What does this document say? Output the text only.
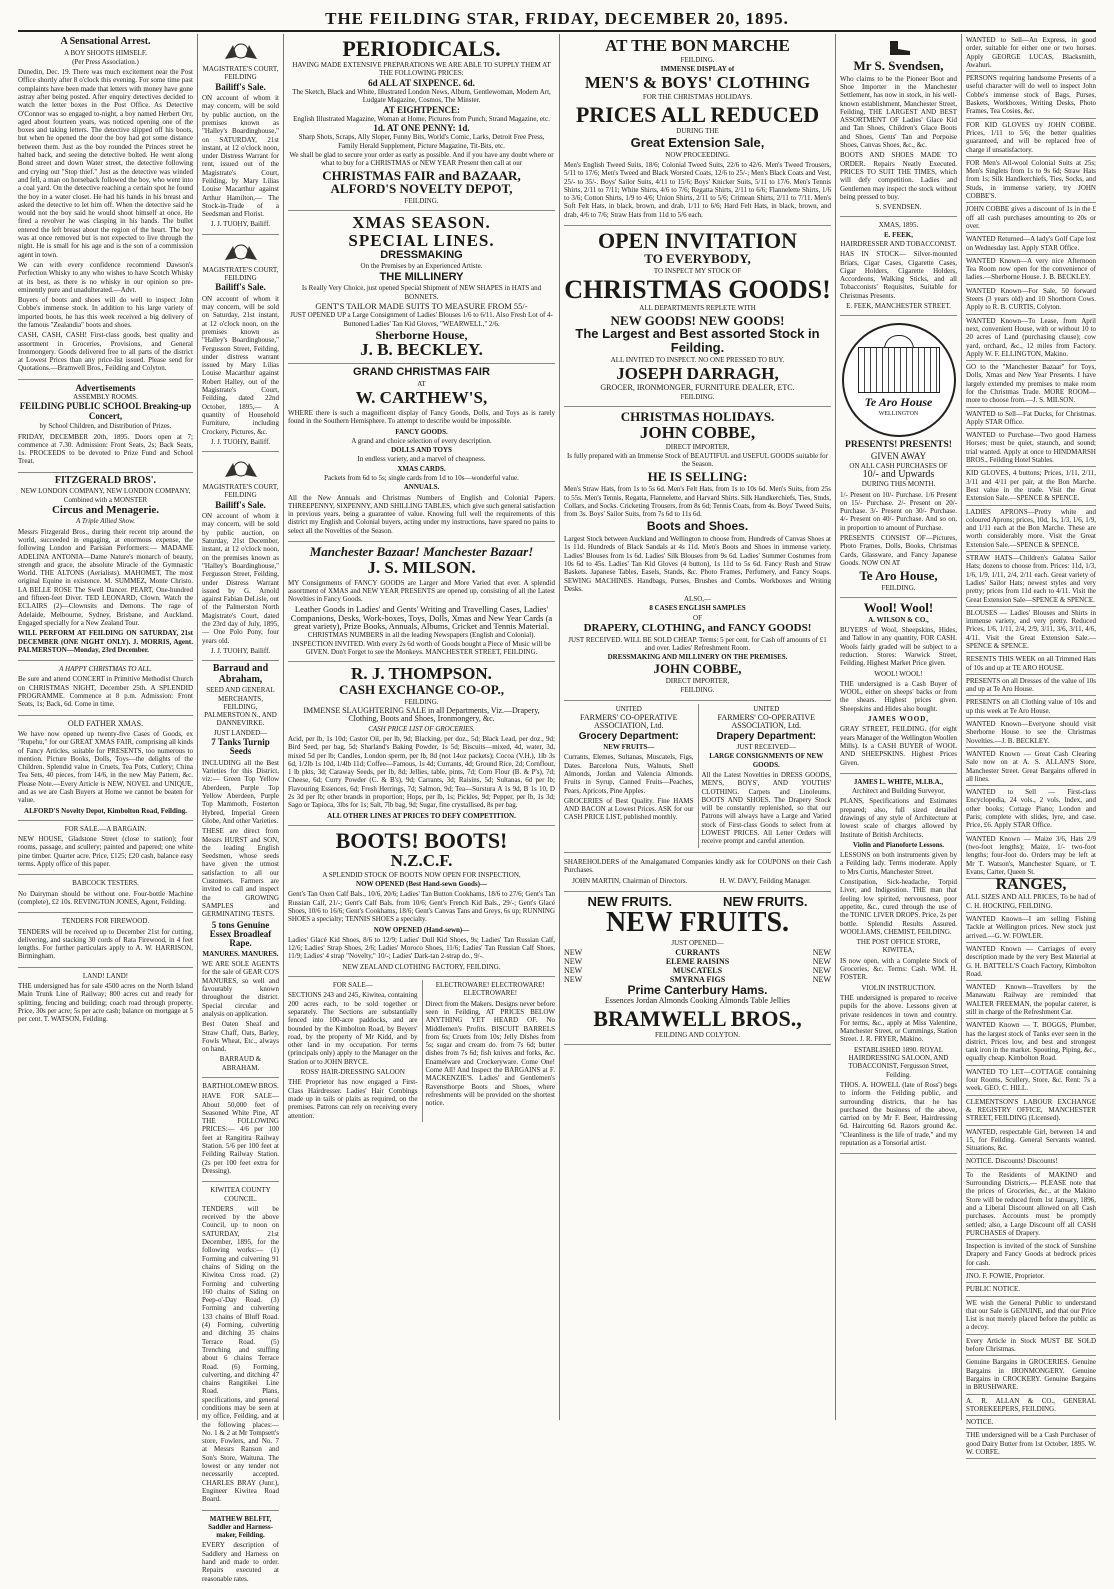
THE FEILDING STAR, FRIDAY, DECEMBER 20, 1895.
A Sensational Arrest.
A BOY SHOOTS HIMSELF.
(Per Press Association.)

Dunedin, Dec. 19. There was much excitement near the Post Office shortly after 8 o'clock this evening. For some time past complaints have been made that letters with money have gone astray after being posted. After enquiry detectives decided to watch the letter boxes in the Post Office. As Detective O'Connor was so engaged to-night, a boy named Herbert Orr, aged about fourteen years, was noticed opening one of the boxes and taking letters. The detective slipped off his boots, but when he opened the door the boy had got some distance between them. Just as the boy rounded the Princes street he halted back, and seeing the detective bolted. He went along Bond street and down Water street, the detective following and crying out "Stop thief." Just as the detective was winded and fell, a man on horseback followed the boy, who went into a coal yard. On the detective reaching a certain spot he found the boy in a water closet. He had his hands in his breast and asked the detective to let him off. When the detective said he would not the boy said he would shoot himself at once. He fired a revolver he was clasping in his hands. The bullet entered the left breast about the region of the heart. The boy was at once removed but is not expected to live through the night. He is small for his age and is the son of a commission agent in town.

We can with every confidence recommend Dawson's Perfection Whisky to any who wishes to have Scotch Whisky at its best, as there is no whisky in our opinion so pre-eminently pure and unadulterated.—Advt.

Buyers of boots and shoes will do well to inspect John Cobbe's immense stock. In addition to his large variety of imported boots, he has this week received a big delivery of the famous "Zealandia" boots and shoes.

CASH, CASH, CASH! First-class goods, best quality and assortment in Groceries, Provisions, and General Ironmongery. Goods delivered free to all parts of the district at Lowest Prices than any price-list issued. Please send for Quotations.—Bramwell Bros., Feilding and Colyton.

Advertisements
ASSEMBLY ROOMS.
FEILDING PUBLIC SCHOOL Breaking-up Concert,
by School Children, and Distribution of Prizes.

FRIDAY, DECEMBER 20th, 1895. Doors open at 7; commence at 7.30. Admission: Front Seats, 2s; Back Seats, 1s. PROCEEDS to be devoted to Prize Fund and School Treat.

FITZGERALD BROS'.
NEW LONDON COMPANY, NEW LONDON COMPANY, Combined with a MONSTER
Circus and Menagerie.
A Triple Allied Show.

Messrs Fitzgerald Bros., during their recent trip around the world, succeeded in engaging, at enormous expense, the following London and Parisian Performers:— MADAME ADELINA ANTONIA—Dame Nature's monarch of beauty, strength and grace, the absolute Miracle of the Gymnastic World. THE ALTONS (Aerialists). MAHOMET, The most original Equine in existence. M. SUMMEZ, Monte Christo. LA BELLE ROSE The Swell Dancer. PEART, One-hundred and fifteen-feet Diver. TED LEONARD, Clown. Watch the ECLAIRS (2)—Clownsits and Demons. The rage of Adelaide, Melbourne, Sydney, Brisbane, and Auckland. Engaged specially for a New Zealand Tour.

WILL PERFORM AT FEILDING ON SATURDAY, 21st DECEMBER (ONE NIGHT ONLY). J. MORRIS, Agent. PALMERSTON—Monday, 23rd December.

A HAPPY CHRISTMAS TO ALL.

Be sure and attend CONCERT in Primitive Methodist Church on CHRISTMAS NIGHT, December 25th. A SPLENDID PROGRAMME. Commence at 8 p.m. Admission: Front Seats, 1s; Back, 6d. Come in time.

OLD FATHER XMAS.

We have now opened up twenty-five Cases of Goods, ex "Rupehu," for our GREAT XMAS FAIR, comprising all kinds of Fancy Articles, suitable for PRESENTS, too numerous to mention. Picture Books, Dolls, Toys—the delights of the Children. Splendid value in Cruets, Tea Pots, Cutlery; China Tea Sets, 40 pieces, from 14/6, in the new May Pattern, &c. Please Note.—Every Article is NEW, NOVEL and UNIQUE, and as we are Cash Buyers at Home we cannot be beaten for value.

ALFORD'S Novelty Depot, Kimbolton Road, Feilding.
FOR SALE.—A BARGAIN.

NEW HOUSE, Gladstone Street (close to station); four rooms, passage, and scullery; painted and papered; one white pine timber. Quarter acre. Price, £125; £20 cash, balance easy terms. Apply office of this paper.

BABCOCK TESTERS.

No Dairyman should be without one. Four-bottle Machine (complete), £2 10s. REVINGTON JONES, Agent, Feilding.

TENDERS FOR FIREWOOD.

TENDERS will be received up to December 21st for cutting, delivering, and stacking 30 cords of Rata Firewood, in 4 feet lengths. For further particulars apply to A. W. HARRISON, Birmingham.

LAND! LAND!

THE undersigned has for sale 4500 acres on the North Island Main Trunk Line of Railway; 800 acres cut and ready for splitting, fencing and building; coach road through property. Price, 30s per acre; 5s per acre cash; balance on mortgage at 5 per cent. T. WATSON, Feilding.

MAGISTRATE'S COURT, FEILDING
Bailiff's Sale.

ON account of whom it may concern, will be sold by public auction, on the premises known as "Halley's Boardinghouse," on SATURDAY, 21st instant, at 12 o'clock noon, under Distress Warrant for rent, issued out of the Magistrate's Court, Feilding, by Mary Lilias Louise Macarthur against Arthur Hamilton,— The Stock-in-Trade of a Seedsman and Florist.

J. J. TUOHY, Bailiff.
MAGISTRATE'S COURT, FEILDING
Bailiff's Sale.

ON account of whom it may concern, will be sold on Saturday, 21st instant, at 12 o'clock noon, on the premises known as "Halley's Boardinghouse," Fergusson Street, Feilding, under distress warrant issued by Mary Lilias Louise Macarthur against Robert Halley, out of the Magistrate's Court, Feilding, dated 22nd October, 1895,— A quantity of Household Furniture, including Crockery, Pictures, &c.

J. J. TUOHY, Bailiff.
MAGISTRATE'S COURT, FEILDING
Bailiff's Sale.

ON account of whom it may concern, will be sold by public auction, on Saturday, 21st December, instant, at 12 o'clock noon, on the premises known as "Halley's Boardinghouse," Fergusson Street, Feilding, under Distress Warrant issued by G. Arnold against Fabian DeLisle, out of the Palmerston North Magistrate's Court, dated the 23rd day of July, 1895,— One Polo Pony, four years old.

J. J. TUOHY, Bailiff.
Barraud and Abraham,
SEED AND GENERAL MERCHANTS, FEILDING, PALMERSTON N., AND DANNEVIRKE.
JUST LANDED—
7 Tanks Turnip Seeds

INCLUDING all the Best Varieties for this District, viz:— Green Top Yellow Aberdeen, Purple Top Yellow Aberdeen, Purple Top Mammoth, Fosterton Hybred, Imperial Green Globe, And other Varieties.

THESE are direct from Messrs HURST and SON, the leading English Seedsmen, whose seeds have given the utmost satisfaction to all our Customers. Farmers are invited to call and inspect the GROWING SAMPLES and GERMINATING TESTS.

5 tons Genuine Essex Broadleaf Rape.
MANURES. MANURES.

WE ARE SOLE AGENTS for the sale of GEAR CO'S MANURES, so well and favourably known throughout the district. Special circular and analysis on application.

Best Oaten Sheaf and Straw Chaff, Oats, Barley, Fowls Wheat, Etc., always on hand.

BARRAUD & ABRAHAM.
BARTHOLOMEW BROS.

HAVE FOR SALE— About 50,000 feet of Seasoned White Pine, AT THE FOLLOWING PRICES:— 4/6 per 100 feet at Rangitira Railway Station. 5/6 per 100 feet at Feilding Railway Station. (2s per 100 feet extra for Dressing).

KIWITEA COUNTY COUNCIL.

TENDERS will be received by the above Council, up to noon on SATURDAY, 21st December, 1895, for the following works:— (1) Forming and culverting 91 chains of Siding on the Kiwitea Cross road. (2) Forming and culverting 160 chains of Siding on Peep-o'-Day Road. (3) Forming and culverting 133 chains of Bluff Road. (4) Forming, culverting and ditching 35 chains Terrace Road. (5) Trenching and stuffing about 6 chains Terrace Road. (6) Forming, culverting, and ditching 47 chains Rangitikei Line Road. Plans, specifications, and general conditions may be seen at my office, Feilding, and at the following places:— No. 1 & 2 at Mr Tompsett's store, Fowlers, and No. 7 at Messrs Ranson and Son's Store, Waituna. The lowest or any tender not necessarily accepted. CHARLES BRAY (Junr.), Engineer Kiwitea Road Board.

MATHEW BELFIT, Saddler and Harness-maker, Feilding.

EVERY description of Saddlery and Harness on hand and made to order. Repairs executed at reasonable rates.

PERIODICALS.
HAVING MADE EXTENSIVE PREPARATIONS WE ARE ABLE TO SUPPLY THEM AT THE FOLLOWING PRICES:
6d ALL AT SIXPENCE. 6d.
The Sketch, Black and White, Illustrated London News, Album, Gentlewoman, Modern Art, Ludgate Magazine, Cosmos, The Minster.
AT EIGHTPENCE:
English Illustrated Magazine, Woman at Home, Pictures from Punch, Strand Magazine, etc.
1d. AT ONE PENNY: 1d.
Sharp Shots, Scraps, Ally Sloper, Funny Bits, World's Comic, Larks, Detroit Free Press, Family Herald Supplement, Picture Magazine, Tit-Bits, etc.
We shall be glad to secure your order as early as possible. And if you have any doubt where or what to buy for a CHRISTMAS or NEW YEAR Present then call at our
CHRISTMAS FAIR and BAZAAR,
ALFORD'S NOVELTY DEPOT,
FEILDING.
XMAS SEASON.
SPECIAL LINES.
DRESSMAKING
On the Premises by an Experienced Artiste.
THE MILLINERY
Is Really Very Choice, just opened Special Shipment of NEW SHAPES in HATS and BONNETS.
GENT'S TAILOR MADE SUITS TO MEASURE FROM 55/-
JUST OPENED UP a Large Consignment of Ladies' Blouses 1/6 to 6/11. Also Fresh Lot of 4-Buttoned Ladies' Tan Kid Gloves, "WEARWELL," 2/6.
Sherborne House,
J. B. BECKLEY.
GRAND CHRISTMAS FAIR
AT
W. CARTHEW'S,

WHERE there is such a magnificent display of Fancy Goods, Dolls, and Toys as is rarely found in the Southern Hemisphere. To attempt to describe would be impossible.

FANCY GOODS.
A grand and choice selection of every description.
DOLLS AND TOYS
In endless variety, and a marvel of cheapness.
XMAS CARDS.
Packets from 6d to 5s; single cards from 1d to 10s—wonderful value.
ANNUALS.

All the New Annuals and Christmas Numbers of English and Colonial Papers. THREEPENNY, SIXPENNY, AND SHILLING TABLES, which give such general satisfaction in previous years, being a guarantee of value. Knowing full well the requirements of this district my English and Colonial buyers, acting under my instructions, have spared no pains to select all the Novelties of the Season.

Manchester Bazaar! Manchester Bazaar!
J. S. MILSON.

MY Consignments of FANCY GOODS are Larger and More Varied that ever. A splendid assortment of XMAS and NEW YEAR PRESENTS are opened up, consisting of all the Latest Novelties in Fancy Goods.

Leather Goods in Ladies' and Gents' Writing and Travelling Cases, Ladies' Companions, Desks, Work-boxes, Toys, Dolls, Xmas and New Year Cards (a great variety), Prize Books, Annuals, Albums, Cricket and Tennis Material.
CHRISTMAS NUMBERS in all the leading Newspapers (English and Colonial). INSPECTION INVITED. With every 2s 6d worth of Goods bought a Piece of Music will be GIVEN. Don't Forget to see the Monkeys. MANCHESTER STREET, FEILDING.
R. J. THOMPSON.
CASH EXCHANGE CO-OP.,
FEILDING.
IMMENSE SLAUGHTERING SALE in all Departments, Viz.—Drapery, Clothing, Boots and Shoes, Ironmongery, &c.
CASH PRICE LIST OF GROCERIES.

Acid, per lb, 1s 10d; Castor Oil, per lb, 9d; Blacking, per doz., 5d; Black Lead, per doz., 9d; Bird Seed, per bag, 5d; Sharland's Baking Powder, 1s 5d; Biscuits—mixed, 4d, water, 3d, mixed 5d per lb; Candles, London sperm, per lb, 8d (not 14oz packets); Cocoa (V.H.), 1lb 3s 6d, 1/2lb 1s 10d, 1/4lb 11d; Coffee—Famous, 1s 4d; Currants, 4d; Ground Rice, 2d; Cornflour, 1 lb pkts, 3d; Caraway Seeds, per lb, 8d; Jellies, table, pints, 7d; Corn Flour (B. & P's), 7d; Cheese, 6d; Curry Powder (C. & B's), 9d; Carrants, 3d; Raisins, 5d; Sultanas, 6d per lb; Flavouring Essences, 6d; Fresh Herrings, 7d; Salmon, 9d; Tea—Surstura A 1s 9d, B 1s 10, D 2s 3d per lb; other brands in proportion; Hops, per lb, 1s; Pickles, 9d; Pepper, per lb, 1s 3d; Sago or Tapioca, 3lbs for 1s; Salt, 7lb bag, 9d; Sugar, fine crystallised, 8s per bag.

ALL OTHER LINES AT PRICES TO DEFY COMPETITION.
BOOTS! BOOTS!
N.Z.C.F.
A SPLENDID STOCK OF BOOTS NOW OPEN FOR INSPECTION,
NOW OPENED (Best Hand-sewn Goods)—

Gent's Tan Oxen Calf Bals., 10/6, 20/6; Ladies' Tan Button Cookhams, 18/6 to 27/6; Gent's Tan Russian Calf, 21/-; Gent's Calf Bals. from 10/6; Gent's French Kid Bals., 29/-; Gent's Glacé Shoes, 10/6 to 16/6; Gent's Cookhams, 18/6; Gent's Canvas Tans and Greys, 6s up; RUNNING SHOES a specialty; TENNIS SHOES a specialty.

NOW OPENED (Hand-sewn)—

Ladies' Glacé Kid Shoes, 8/6 to 12/9; Ladies' Dull Kid Shoes, 9s; Ladies' Tan Russian Calf, 12/6; Ladies' Strap Shoes, 2/6; Ladies' Moroco Shoes, 11/6; Ladies' Tan Russian Calf Shoes, 11/9; Ladies' 4 strap "Novelty," 10/-; Ladies' Dark-tan 2-strap do., 9/-.

NEW ZEALAND CLOTHING FACTORY, FEILDING.
FOR SALE—

SECTIONS 243 and 245, Kiwitea, containing 200 acres each, to be sold together or separately. The Sections are substantially fenced into 100-acre paddocks, and are bounded by the Kimbolton Road, by Beyers' road, by the property of Mr Kidd, and by other land in my occupation. For terms (principals only) apply to the Manager on the Station or to JOHN BRYCE.

ROSS' HAIR-DRESSING SALOON

THE Proprietor has now engaged a First-Class Hairdresser. Ladies' Hair Combings made up in tails or plaits as required, on the premises. Patrons can rely on receiving every attention.

ELECTROWARE! ELECTROWARE! ELECTROWARE!

Direct from the Makers. Designs never before seen in Feilding, AT PRICES BELOW ANYTHING YET HEARD OF. No Middlemen's Profits. BISCUIT BARRELS from 6s; Cruets from 10s; Jelly Dishes from 5s; sugar and cream do. from 7s 6d; butter dishes from 7s 6d; fish knives and forks, &c. Enamelware and Crockeryware. Come One! Come All! And Inspect the BARGAINS at F. MACKENZIE'S. Ladies' and Gentlemen's Ravensthorpe Boots and Shoes, where refreshments will be provided on the shortest notice.

AT THE BON MARCHE
FEILDING.
IMMENSE DISPLAY of
MEN'S & BOYS' CLOTHING
FOR THE CHRISTMAS HOLIDAYS.
PRICES ALL REDUCED
DURING THE
Great Extension Sale,
NOW PROCEEDING.

Men's English Tweed Suits, 18/6; Colonial Tweed Suits, 22/6 to 42/6. Men's Tweed Trousers, 5/11 to 17/6; Men's Tweed and Black Worsted Coats, 12/6 to 25/-; Men's Black Coats and Vest, 25/- to 35/-. Boys' Sailor Suits, 4/11 to 15/6; Boys' Knicker Suits, 5/11 to 17/6. Men's Tennis Shirts, 2/11 to 7/11; White Shirts, 4/6 to 7/6; Regatta Shirts, 2/11 to 6/6; Flannelette Shirts, 1/6 to 3/6; Cotton Shirts, 1/9 to 4/6; Union Shirts, 2/11 to 5/6; Crimean Shirts, 2/11 to 7/11. Men's Soft Felt Hats, in black, brown, and drab, 1/11 to 6/6; Hard Felt Hats, in black, brown, and drab, 4/6 to 7/6; Straw Hats from 11d to 5/6 each.

OPEN INVITATION
TO EVERYBODY,
TO INSPECT MY STOCK OF
CHRISTMAS GOODS!
ALL DEPARTMENTS REPLETE WITH
NEW GOODS! NEW GOODS!
The Largest and Best assorted Stock in Feilding.
ALL INVITED TO INSPECT. NO ONE PRESSED TO BUY.
JOSEPH DARRAGH,
GROCER, IRONMONGER, FURNITURE DEALER, ETC.
FEILDING.
CHRISTMAS HOLIDAYS.
JOHN COBBE,
DIRECT IMPORTER,
Is fully prepared with an Immense Stock of BEAUTIFUL and USEFUL GOODS suitable for the Season.
HE IS SELLING:

Men's Straw Hats, from 1s to 5s 6d. Men's Felt Hats, from 1s to 10s 6d. Men's Suits, from 25s to 55s. Men's Tennis, Regatta, Flannelette, and Harvard Shirts. Silk Handkerchiefs, Ties, Studs, Collars, and Socks. Cricketing Trousers, from 8s 6d; Tennis Coats, from 4s. Boys' Tweed Suits, from 3s. Boys' Sailor Suits, from 7s 6d to 11s 6d.

Boots and Shoes.

Largest Stock between Auckland and Wellington to choose from. Hundreds of Canvas Shoes at 1s 11d. Hundreds of Black Sandals at 4s 11d. Men's Boots and Shoes in immense variety. Ladies' Blouses from 1s 6d. Ladies' Silk Blouses from 9s 6d. Ladies' Summer Costumes from 10s 6d to 45s. Ladies' Tan Kid Gloves (4 button), 1s 11d to 5s 6d. Fancy Rush and Straw Baskets. Japanese Tables, Easels, Stands, &c. Photo Frames, Perfumery, and Fancy Soaps. SEWING MACHINES. Handbags, Purses, Brushes and Combs. Workboxes and Writing Desks.

ALSO,—
8 CASES ENGLISH SAMPLES
OF
DRAPERY, CLOTHING, and FANCY GOODS!
JUST RECEIVED. WILL BE SOLD CHEAP. Terms: 5 per cent. for Cash off amounts of £1 and over. Ladies' Refreshment Room.
DRESSMAKING AND MILLINERY ON THE PREMISES.
JOHN COBBE,
DIRECT IMPORTER,
FEILDING.
UNITED
FARMERS' CO-OPERATIVE ASSOCIATION, Ltd.
Grocery Department:
NEW FRUITS—

Currants, Elemes, Sultanas, Muscatels, Figs, Dates. Barcelona Nuts, Walnuts, Shell Almonds, Jordan and Valencia Almonds. Fruits in Syrup, Canned Fruits—Peaches, Pears, Apricots, Pine Apples.

GROCERIES of Best Quality. Fine HAMS AND BACON at Lowest Prices. ASK for our CASH PRICE LIST, published monthly.

UNITED
FARMERS' CO-OPERATIVE ASSOCIATION, Ltd.
Drapery Department:
JUST RECEIVED—
LARGE CONSIGNMENTS OF NEW GOODS.

All the Latest Novelties in DRESS GOODS, MEN'S, BOYS', AND YOUTHS' CLOTHING. Carpets and Linoleums. BOOTS AND SHOES. The Drapery Stock will be constantly replenished, so that our Patrons will always have a Large and Varied stock of First-class Goods to select from at LOWEST PRICES. All Letter Orders will receive prompt and careful attention.

SHAREHOLDERS of the Amalgamated Companies kindly ask for COUPONS on their Cash Purchases.

JOHN MARTIN, Chairman of Directors.	H. W. DAVY, Feilding Manager.
NEW FRUITS.	NEW FRUITS.
NEW FRUITS.
JUST OPENED—
NEW	CURRANTS	NEW
NEW	ELEME RAISINS	NEW
NEW	MUSCATELS	NEW
NEW	SMYRNA FIGS	NEW
Prime Canterbury Hams.
Essences Jordan Almonds Cooking Almonds Table Jellies
BRAMWELL BROS.,
FEILDING AND COLYTON.
Mr S. Svendsen,

Who claims to be the Pioneer Boot and Shoe Importer in the Manchester Settlement, has now in stock, in his well-known establishment, Manchester Street, Feilding, THE LARGEST AND BEST ASSORTMENT OF Ladies' Glace Kid and Tan Shoes, Children's Glace Boots and Shoes, Gents' Tan and Porpoise Shoes, Canvas Shoes, &c., &c.

BOOTS AND SHOES MADE TO ORDER. Repairs Neatly Executed. PRICES TO SUIT THE TIMES, which will defy competition. Ladies and Gentlemen may inspect the stock without being pressed to buy.

S. SVENDSEN.
XMAS, 1895.
E. FEEK,
HAIRDRESSER AND TOBACCONIST.

HAS IN STOCK— Silver-mounted Briars, Cigar Cases, Cigarette Cases, Cigar Holders, Cigarette Holders, Accordeons, Walking Sticks, and all Tobacconists' Requisites, Suitable for Christmas Presents.

E. FEEK, MANCHESTER STREET.
Te Aro House
WELLINGTON
PRESENTS! PRESENTS!
GIVEN AWAY
ON ALL CASH PURCHASES OF
10/- and Upwards
DURING THIS MONTH.

1/- Present on 10/- Purchase. 1/6 Present on 15/- Purchase. 2/- Present on 20/- Purchase. 3/- Present on 30/- Purchase. 4/- Present on 40/- Purchase. And so on, in proportion to amount of Purchase.

PRESENTS CONSIST OF—Pictures, Photo Frames, Dolls, Books, Christmas Cards, Glassware, and Fancy Japanese Goods. NOW ON AT

Te Aro House,
FEILDING.
Wool! Wool!
A. WILSON & CO.,

BUYERS of Wool, Sheepskins, Hides, and Tallow in any quantity, FOR CASH. Wools fairly graded will be subject to a reduction. Stores: Warwick Street, Feilding. Highest Market Price given.

WOOL! WOOL!

THE undersigned is a Cash Buyer of WOOL, either on sheeps' backs or from the shears. Highest prices given. Sheepskins and Hides also bought.

JAMES WOOD,

GRAY STREET, FEILDING. (for eight years Manager of the Wellington Woollen Mills). Is a CASH BUYER of WOOL AND SHEEPSKINS. Highest Prices Given.

JAMES L. WHITE, M.I.B.A.,
Architect and Building Surveyor,

PLANS, Specifications and Estimates prepared; also, full sized detailed drawings of any style of Architecture at lowest scale of charges allowed by Institute of British Architects.

Violin and Pianoforte Lessons.

LESSONS on both instruments given by a Feilding lady. Terms moderate. Apply to Mrs Curtis, Manchester Street.

Constipation, Sick-headache, Torpid Liver, and Indigestion. THE man that feeling low spirited, nervousness, poor appetite, &c., cured through the use of the TONIC LIVER DROPS. Price, 2s per bottle. Splendid Results Assured. WOOLLAMS, CHEMIST, FEILDING.

THE POST OFFICE STORE, KIWITEA,

IS now open, with a Complete Stock of Groceries, &c. Terms: Cash. WM. H. FOSTER.

VIOLIN INSTRUCTION.

THE undersigned is prepared to receive pupils for the above. Lessons given at private residences in town and country. For terms, &c., apply at Miss Valentine, Manchester Street, or Cummings, Station Street. J. R. FRYER, Makino.

ESTABLISHED 1890. ROYAL HAIRDRESSING SALOON, AND TOBACCONIST, Fergusson Street, Feilding.

THOS. A. HOWELL (late of Ross') begs to inform the Feilding public, and surrounding districts, that he has purchased the business of the above, carried on by Mr F. Beer, Hairdressing 6d. Haircutting 6d. Razors ground &c. "Cleanliness is the life of trade," and my reputation as a Tonsorial artist.

WANTED to Sell—An Express, in good order, suitable for either one or two horses. Apply GEORGE LUCAS, Blacksmith, Awahuri.
PERSONS requiring handsome Presents of a useful character will do well to inspect John Cobbe's immense stock of Bags, Purses, Baskets, Workboxes, Writing Desks, Photo Frames, Tea Cosies, &c.
FOR KID GLOVES try JOHN COBBE. Prices, 1/11 to 5/6; the better qualities guaranteed, and will be replaced free of charge if unsatisfactory.
FOR Men's All-wool Colonial Suits at 25s; Men's Singlets from 1s to 9s 6d; Straw Hats from 1s; Silk Handkerchiefs, Ties, Socks, and Studs, in immense variety, try JOHN COBBE'S.
JOHN COBBE gives a discount of 1s in the £ off all cash purchases amounting to 20s or over.
WANTED Returned—A lady's Golf Cape lost on Wednesday last. Apply STAR Office.
WANTED Known—A very nice Afternoon Tea Room now open for the convenience of ladies.—Sherborne House. J. B. BECKLEY.
WANTED Known—For Sale, 50 forward Steers (3 years old) and 10 Shorthorn Cows. Apply to R. B. CURTIS, Colyton.
WANTED Known—To Lease, from April next, convenient House, with or without 10 to 20 acres of Land (purchasing clause); cow yard, orchard, &c., 12 miles from Factory. Apply W. F. ELLINGTON, Makino.
GO to the "Manchester Bazaar" for Toys, Dolls, Xmas and New Year Presents. I have largely extended my premises to make room for the Christmas Trade. MORE ROOM—more to choose from.—J. S. MILSON.
WANTED to Sell—Fat Ducks, for Christmas. Apply STAR Office.
WANTED to Purchase—Two good Harness Horses; must be quiet, staunch, and sound; trial wanted. Apply at once to HINDMARSH BROS., Feilding Hotel Stables.
KID GLOVES, 4 buttons; Prices, 1/11, 2/11, 3/11 and 4/11 per pair, at the Bon Marche. Best value in the trade. Visit the Great Extension Sale.—SPENCE & SPENCE.
LADIES APRONS—Pretty white and coloured Aprons; prices, 10d, 1s, 1/3, 1/6, 1/9, and 1/11 each at the Bon Marche. These are worth considerably more. Visit the Great Extension Sale.—SPENCE & SPENCE.
STRAW HATS—Children's Galatea Sailor Hats; dozens to choose from. Prices: 11d, 1/3, 1/6, 1/9, 1/11, 2/4, 2/11 each. Great variety of Ladies' Sailor Hats; newest styles and very pretty; prices from 11d each to 4/11. Visit the Great Extension Sale—SPENCE & SPENCE.
BLOUSES — Ladies' Blouses and Shirts in immense variety, and very pretty. Reduced Prices, 1/6, 1/11, 2/4, 2/9, 3/11, 3/6, 3/11, 4/6, 4/11. Visit the Great Extension Sale.—SPENCE & SPENCE.
RESENTS THIS WEEK on all Trimmed Hats of 10s and up at TE ARO HOUSE.
PRESENTS on all Dresses of the value of 10s and up at Te Aro House.
PRESENTS on all Clothing value of 10s and up this week at Te Aro House.
WANTED Known—Everyone should visit Sherborne House to see the Christmas Novelties.—J. B. BECKLEY.
WANTED Known — Great Cash Clearing Sale now on at A. S. ALLAN'S Store, Manchester Street. Great Bargains offered in all lines.
WANTED to Sell — First-class Encyclopedia, 24 vols., 2 vols. Index, and other books; Cottage Piano; London and Paris; complete with slides, lyre, and case. Price, £6. Apply STAR Office.
WANTED Known — Maize 3/6, Hats 2/9 (two-foot lengths); Maize, 1/- two-foot lengths; four-foot do. Orders may be left at Mr T. Watson's, Manchester Square, or T. Evans, Carter, Queen St.
RANGES,
ALL SIZES AND ALL PRICES, To be had of C. H. HOCKING, FEILDING.
WANTED Known—I am selling Fishing Tackle at Wellington prices. New stock just arrived.—G. W. FOWLER.
WANTED Known — Carriages of every description made by the very Best Material at G. H. BATTELL'S Coach Factory, Kimbolton Road.
WANTED Known—Travellers by the Manawatu Railway are reminded that WALTER FREEMAN, the popular caterer, is still in charge of the Refreshment Car.
WANTED Known — T. BOGGS, Plumber, has the largest stock of Tanks ever seen in the district. Prices low, and best and strongest tank iron in the market. Spouting, Piping, &c., equally cheap. Kimbolton Road.
WANTED TO LET—COTTAGE containing four Rooms, Scullery, Store, &c. Rent: 7s a week. GEO. C. HILL.
CLEMENTSON'S LABOUR EXCHANGE & REGISTRY OFFICE, MANCHESTER STREET, FEILDING (Licensed).
WANTED, respectable Girl, between 14 and 15, for Feilding. General Servants wanted. Situations, &c.
NOTICE. Discounts! Discounts!
To the Residents of MAKINO and Surrounding Districts,— PLEASE note that the prices of Groceries, &c., at the Makino Store will be reduced from 1st January, 1896, and a Liberal Discount allowed on all Cash purchases. Accounts must be promptly settled; also, a Large Discount off all CASH PURCHASES of Drapery.
Inspection is invited of the stock of Sunshine Drapery and Fancy Goods at bedrock prices for cash.
JNO. F. FOWIE, Proprietor.
PUBLIC NOTICE.
WE wish the General Public to understand that our Sale is GENUINE, and that our Price List is not merely placed before the public as a decoy.
Every Article in Stock MUST BE SOLD before Christmas.
Genuine Bargains in GROCERIES. Genuine Bargains in IRONMONGERY. Genuine Bargains in CROCKERY. Genuine Bargains in BRUSHWARE.
A. R. ALLAN & CO., GENERAL STOREKEEPERS, FEILDING.
NOTICE.
THE undersigned will be a Cash Purchaser of good Dairy Butter from 1st October, 1895. W. W. CORFE.
